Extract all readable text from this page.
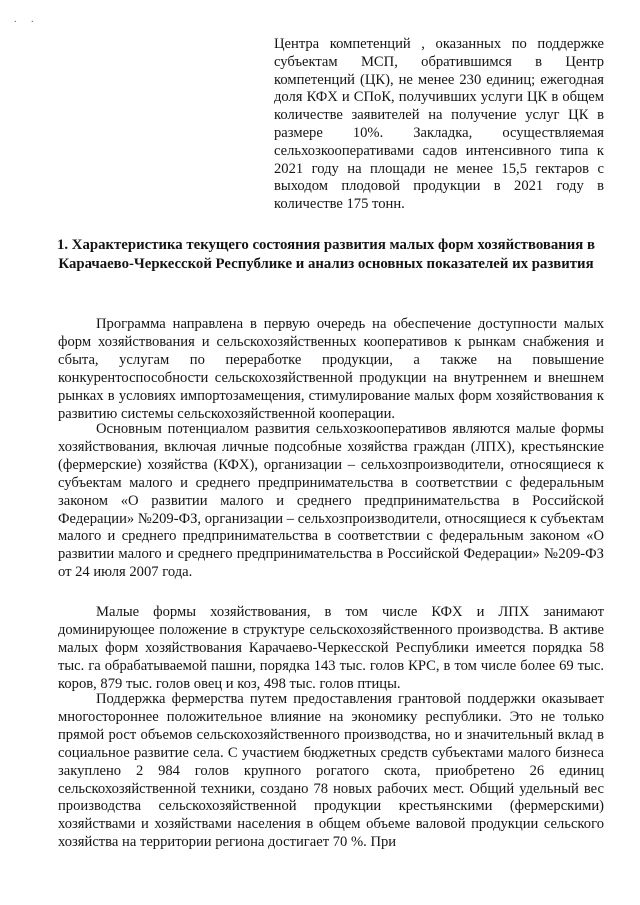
. .

Центра компетенций , оказанных по поддержке субъектам МСП, обратившимся в Центр компетенций (ЦК), не менее 230 единиц; ежегодная доля КФХ и СПоК, получивших услуги ЦК в общем количестве заявителей на получение услуг ЦК в размере 10%. Закладка, осуществляемая сельхозкооперативами садов интенсивного типа к 2021 году на площади не менее 15,5 гектаров с выходом плодовой продукции в 2021 году в количестве 175 тонн.

1. Характеристика текущего состояния развития малых форм хозяйствования в Карачаево-Черкесской Республике и анализ основных показателей их развития

Программа направлена в первую очередь на обеспечение доступности малых форм хозяйствования и сельскохозяйственных кооперативов к рынкам снабжения и сбыта, услугам по переработке продукции, а также на повышение конкурентоспособности сельскохозяйственной продукции на внутреннем и внешнем рынках в условиях импортозамещения, стимулирование малых форм хозяйствования к развитию системы сельскохозяйственной кооперации.

Основным потенциалом развития сельхозкооперативов являются малые формы хозяйствования, включая личные подсобные хозяйства граждан (ЛПХ), крестьянские (фермерские) хозяйства (КФХ), организации – сельхозпроизводители, относящиеся к субъектам малого и среднего предпринимательства в соответствии с федеральным законом «О развитии малого и среднего предпринимательства в Российской Федерации» №209-ФЗ, организации – сельхозпроизводители, относящиеся к субъектам малого и среднего предпринимательства в соответствии с федеральным законом «О развитии малого и среднего предпринимательства в Российской Федерации» №209-ФЗ от 24 июля 2007 года.

Малые формы хозяйствования, в том числе КФХ и ЛПХ занимают доминирующее положение в структуре сельскохозяйственного производства. В активе малых форм хозяйствования Карачаево-Черкесской Республики имеется порядка 58 тыс. га обрабатываемой пашни, порядка 143 тыс. голов КРС, в том числе более 69 тыс. коров, 879 тыс. голов овец и коз, 498 тыс. голов птицы.

Поддержка фермерства путем предоставления грантовой поддержки оказывает многостороннее положительное влияние на экономику республики. Это не только прямой рост объемов сельскохозяйственного производства, но и значительный вклад в социальное развитие села. С участием бюджетных средств субъектами малого бизнеса закуплено 2 984 голов крупного рогатого скота, приобретено 26 единиц сельскохозяйственной техники, создано 78 новых рабочих мест. Общий удельный вес производства сельскохозяйственной продукции крестьянскими (фермерскими) хозяйствами и хозяйствами населения в общем объеме валовой продукции сельского хозяйства на территории региона достигает 70 %. При
